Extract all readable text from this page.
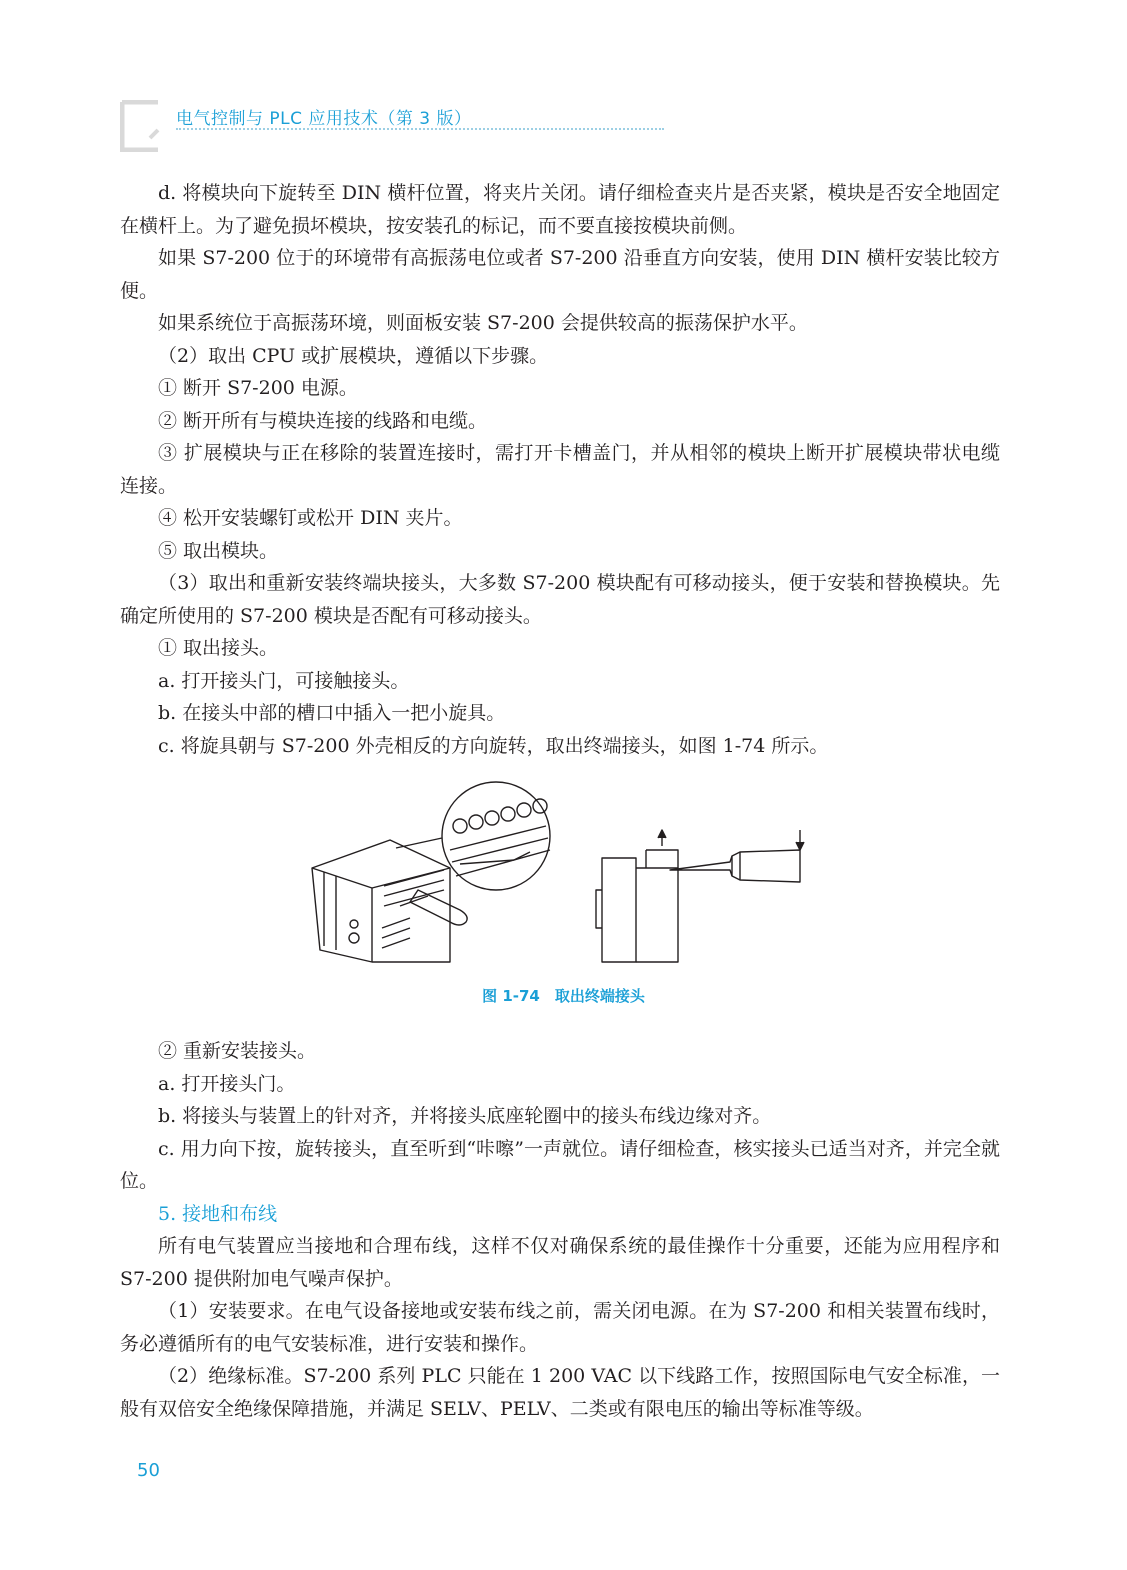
电气控制与 PLC 应用技术（第 3 版）

d. 将模块向下旋转至 DIN 横杆位置，将夹片关闭。请仔细检查夹片是否夹紧，模块是否安全地固定在横杆上。为了避免损坏模块，按安装孔的标记，而不要直接按模块前侧。

如果 S7-200 位于的环境带有高振荡电位或者 S7-200 沿垂直方向安装，使用 DIN 横杆安装比较方便。

如果系统位于高振荡环境，则面板安装 S7-200 会提供较高的振荡保护水平。

（2）取出 CPU 或扩展模块，遵循以下步骤。

① 断开 S7-200 电源。

② 断开所有与模块连接的线路和电缆。

③ 扩展模块与正在移除的装置连接时，需打开卡槽盖门，并从相邻的模块上断开扩展模块带状电缆连接。

④ 松开安装螺钉或松开 DIN 夹片。

⑤ 取出模块。

（3）取出和重新安装终端块接头，大多数 S7-200 模块配有可移动接头，便于安装和替换模块。先确定所使用的 S7-200 模块是否配有可移动接头。

① 取出接头。

a. 打开接头门，可接触接头。

b. 在接头中部的槽口中插入一把小旋具。

c. 将旋具朝与 S7-200 外壳相反的方向旋转，取出终端接头，如图 1-74 所示。

图 1-74　取出终端接头

② 重新安装接头。

a. 打开接头门。

b. 将接头与装置上的针对齐，并将接头底座轮圈中的接头布线边缘对齐。

c. 用力向下按，旋转接头，直至听到“咔嚓”一声就位。请仔细检查，核实接头已适当对齐，并完全就位。

5. 接地和布线

所有电气装置应当接地和合理布线，这样不仅对确保系统的最佳操作十分重要，还能为应用程序和 S7-200 提供附加电气噪声保护。

（1）安装要求。在电气设备接地或安装布线之前，需关闭电源。在为 S7-200 和相关装置布线时，务必遵循所有的电气安装标准，进行安装和操作。

（2）绝缘标准。S7-200 系列 PLC 只能在 1 200 VAC 以下线路工作，按照国际电气安全标准，一般有双倍安全绝缘保障措施，并满足 SELV、PELV、二类或有限电压的输出等标准等级。

50
